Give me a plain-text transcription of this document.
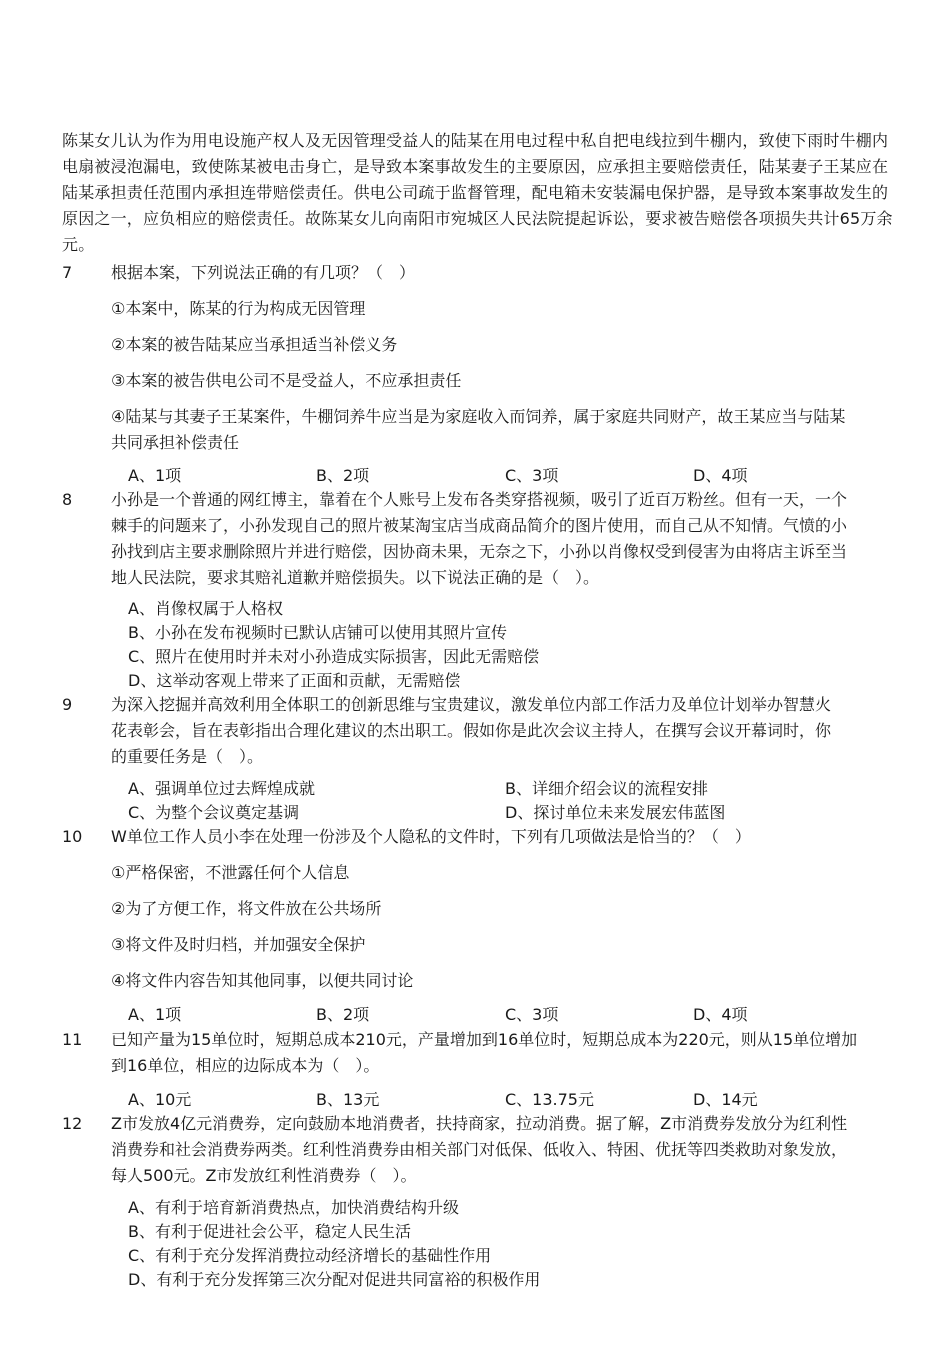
陈某女儿认为作为用电设施产权人及无因管理受益人的陆某在用电过程中私自把电线拉到牛棚内，致使下雨时牛棚内电扇被浸泡漏电，致使陈某被电击身亡，是导致本案事故发生的主要原因，应承担主要赔偿责任，陆某妻子王某应在陆某承担责任范围内承担连带赔偿责任。供电公司疏于监督管理，配电箱未安装漏电保护器，是导致本案事故发生的原因之一，应负相应的赔偿责任。故陈某女儿向南阳市宛城区人民法院提起诉讼，要求被告赔偿各项损失共计65万余元。
7	根据本案，下列说法正确的有几项？（　）
①本案中，陈某的行为构成无因管理
②本案的被告陆某应当承担适当补偿义务
③本案的被告供电公司不是受益人，不应承担责任
④陆某与其妻子王某案件，牛棚饲养牛应当是为家庭收入而饲养，属于家庭共同财产，故王某应当与陆某共同承担补偿责任
A、1项	B、2项	C、3项	D、4项
8	小孙是一个普通的网红博主，靠着在个人账号上发布各类穿搭视频，吸引了近百万粉丝。但有一天，一个棘手的问题来了，小孙发现自己的照片被某淘宝店当成商品简介的图片使用，而自己从不知情。气愤的小孙找到店主要求删除照片并进行赔偿，因协商未果，无奈之下，小孙以肖像权受到侵害为由将店主诉至当地人民法院，要求其赔礼道歉并赔偿损失。以下说法正确的是（　）。
A、肖像权属于人格权
B、小孙在发布视频时已默认店铺可以使用其照片宣传
C、照片在使用时并未对小孙造成实际损害，因此无需赔偿
D、这举动客观上带来了正面和贡献，无需赔偿
9	为深入挖掘并高效利用全体职工的创新思维与宝贵建议，激发单位内部工作活力及单位计划举办智慧火花表彰会，旨在表彰指出合理化建议的杰出职工。假如你是此次会议主持人，在撰写会议开幕词时，你的重要任务是（　）。
A、强调单位过去辉煌成就	B、详细介绍会议的流程安排
C、为整个会议奠定基调	D、探讨单位未来发展宏伟蓝图
10	W单位工作人员小李在处理一份涉及个人隐私的文件时，下列有几项做法是恰当的？（　）
①严格保密，不泄露任何个人信息
②为了方便工作，将文件放在公共场所
③将文件及时归档，并加强安全保护
④将文件内容告知其他同事，以便共同讨论
A、1项	B、2项	C、3项	D、4项
11	已知产量为15单位时，短期总成本210元，产量增加到16单位时，短期总成本为220元，则从15单位增加到16单位，相应的边际成本为（　）。
A、10元	B、13元	C、13.75元	D、14元
12	Z市发放4亿元消费券，定向鼓励本地消费者，扶持商家，拉动消费。据了解，Z市消费券发放分为红利性消费券和社会消费券两类。红利性消费券由相关部门对低保、低收入、特困、优抚等四类救助对象发放，每人500元。Z市发放红利性消费券（　）。
A、有利于培育新消费热点，加快消费结构升级
B、有利于促进社会公平，稳定人民生活
C、有利于充分发挥消费拉动经济增长的基础性作用
D、有利于充分发挥第三次分配对促进共同富裕的积极作用
